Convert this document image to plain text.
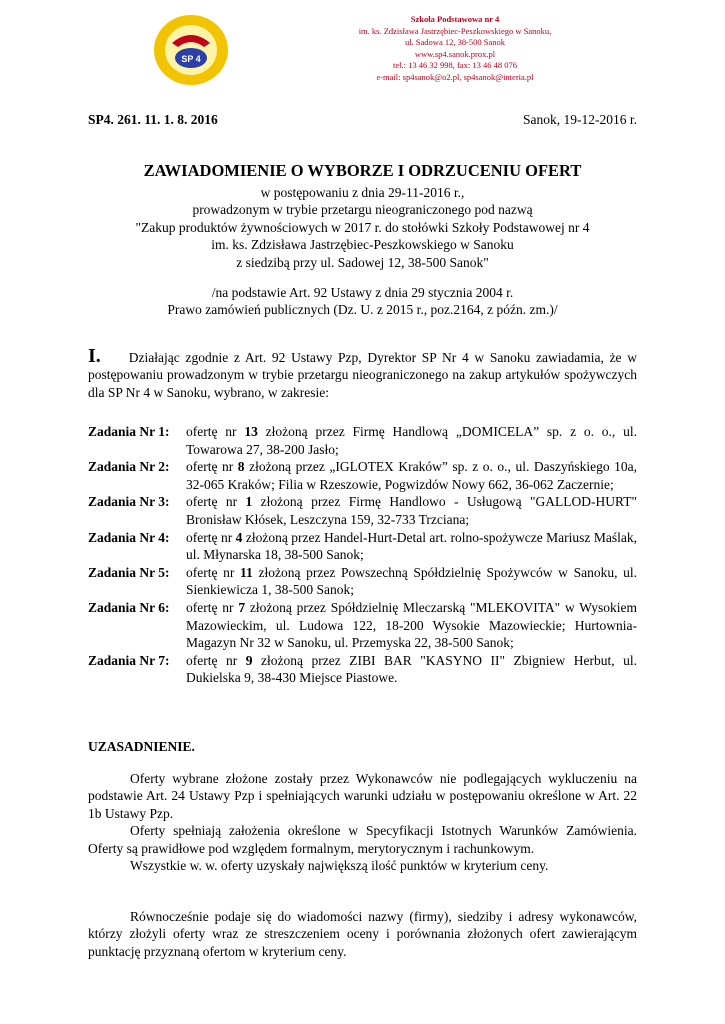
SP 4
Szkoła Podstawowa nr 4
im. ks. Zdzisława Jastrzębiec-Peszkowskiego w Sanoku,
ul. Sadowa 12, 38-500 Sanok
www.sp4.sanok.prox.pl
tel.: 13 46 32 998, fax: 13 46 48 076
e-mail: sp4sanok@o2.pl, sp4sanok@interia.pl
SP4. 261. 11. 1. 8. 2016	Sanok, 19-12-2016 r.
ZAWIADOMIENIE O WYBORZE I ODRZUCENIU OFERT
w postępowaniu z dnia 29-11-2016 r.,
prowadzonym w trybie przetargu nieograniczonego pod nazwą
"Zakup produktów żywnościowych w 2017 r. do stołówki Szkoły Podstawowej nr 4
im. ks. Zdzisława Jastrzębiec-Peszkowskiego w Sanoku
z siedzibą przy ul. Sadowej 12, 38-500 Sanok"
/na podstawie Art. 92 Ustawy z dnia 29 stycznia 2004 r.
Prawo zamówień publicznych (Dz. U. z 2015 r., poz.2164, z późn. zm.)/
I. Działając zgodnie z Art. 92 Ustawy Pzp, Dyrektor SP Nr 4 w Sanoku zawiadamia, że w postępowaniu prowadzonym w trybie przetargu nieograniczonego na zakup artykułów spożywczych dla SP Nr 4 w Sanoku, wybrano, w zakresie:
Zadania Nr 1:	ofertę nr 13 złożoną przez Firmę Handlową „DOMICELA” sp. z o. o., ul. Towarowa 27, 38-200 Jasło;
Zadania Nr 2:	ofertę nr 8 złożoną przez „IGLOTEX Kraków” sp. z o. o., ul. Daszyńskiego 10a, 32-065 Kraków; Filia w Rzeszowie, Pogwizdów Nowy 662, 36-062 Zaczernie;
Zadania Nr 3:	ofertę nr 1 złożoną przez Firmę Handlowo - Usługową "GALLOD-HURT" Bronisław Kłósek, Leszczyna 159, 32-733 Trzciana;
Zadania Nr 4:	ofertę nr 4 złożoną przez Handel-Hurt-Detal art. rolno-spożywcze Mariusz Maślak, ul. Młynarska 18, 38-500 Sanok;
Zadania Nr 5:	ofertę nr 11 złożoną przez Powszechną Spółdzielnię Spożywców w Sanoku, ul. Sienkiewicza 1, 38-500 Sanok;
Zadania Nr 6:	ofertę nr 7 złożoną przez Spółdzielnię Mleczarską "MLEKOVITA" w Wysokiem Mazowieckim, ul. Ludowa 122, 18-200 Wysokie Mazowieckie; Hurtownia-Magazyn Nr 32 w Sanoku, ul. Przemyska 22, 38-500 Sanok;
Zadania Nr 7:	ofertę nr 9 złożoną przez ZIBI BAR "KASYNO II" Zbigniew Herbut, ul. Dukielska 9, 38-430 Miejsce Piastowe.
UZASADNIENIE.

Oferty wybrane złożone zostały przez Wykonawców nie podlegających wykluczeniu na podstawie Art. 24 Ustawy Pzp i spełniających warunki udziału w postępowaniu określone w Art. 22 1b Ustawy Pzp.

Oferty spełniają założenia określone w Specyfikacji Istotnych Warunków Zamówienia. Oferty są prawidłowe pod względem formalnym, merytorycznym i rachunkowym.

Wszystkie w. w. oferty uzyskały największą ilość punktów w kryterium ceny.

Równocześnie podaje się do wiadomości nazwy (firmy), siedziby i adresy wykonawców, którzy złożyli oferty wraz ze streszczeniem oceny i porównania złożonych ofert zawierającym punktację przyznaną ofertom w kryterium ceny.
